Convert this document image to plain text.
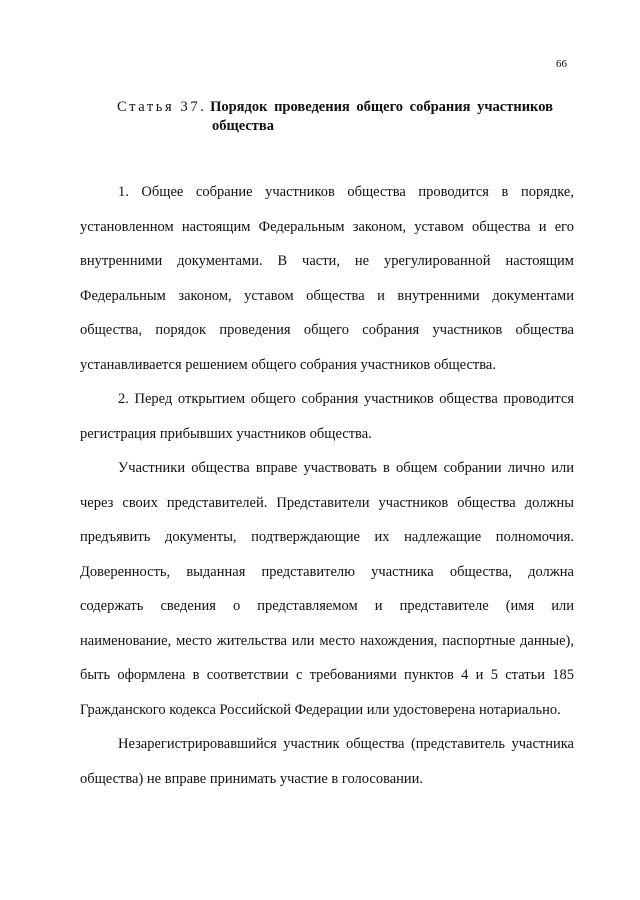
66
Статья 37. Порядок проведения общего собрания участников
общества

1. Общее собрание участников общества проводится в порядке, установленном настоящим Федеральным законом, уставом общества и его внутренними документами. В части, не урегулированной настоящим Федеральным законом, уставом общества и внутренними документами общества, порядок проведения общего собрания участников общества устанавливается решением общего собрания участников общества.

2. Перед открытием общего собрания участников общества проводится регистрация прибывших участников общества.

Участники общества вправе участвовать в общем собрании лично или через своих представителей. Представители участников общества должны предъявить документы, подтверждающие их надлежащие полномочия. Доверенность, выданная представителю участника общества, должна содержать сведения о представляемом и представителе (имя или наименование, место жительства или место нахождения, паспортные данные), быть оформлена в соответствии с требованиями пунктов 4 и 5 статьи 185 Гражданского кодекса Российской Федерации или удостоверена нотариально.

Незарегистрировавшийся участник общества (представитель участника общества) не вправе принимать участие в голосовании.
